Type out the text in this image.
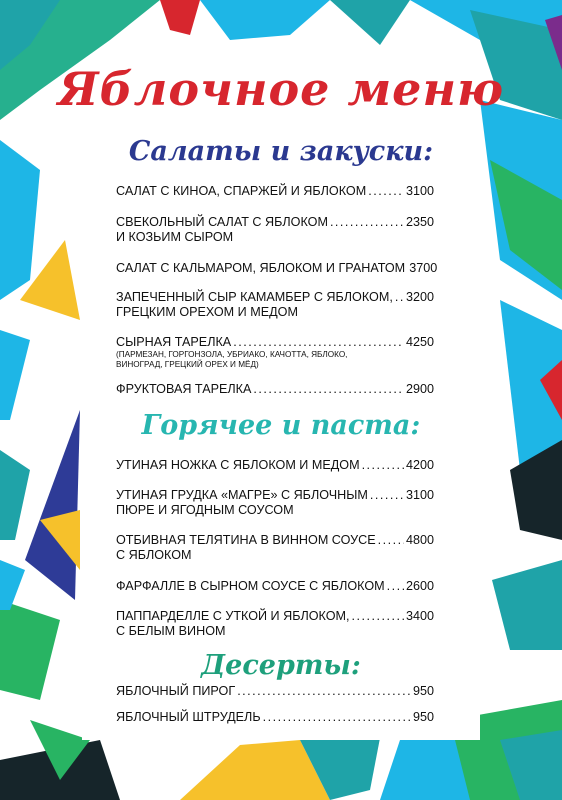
Яблочное меню
Салаты и закуски:
САЛАТ С КИНОА, СПАРЖЕЙ И ЯБЛОКОМ . . .	3100
СВЕКОЛЬНЫЙ САЛАТ С ЯБЛОКОМ . . .	2350
И КОЗЬИМ СЫРОМ
САЛАТ С КАЛЬМАРОМ, ЯБЛОКОМ И ГРАНАТОМ 3700
ЗАПЕЧЕННЫЙ СЫР КАМАМБЕР С ЯБЛОКОМ, . . . 3200
ГРЕЦКИМ ОРЕХОМ И МЕДОМ
СЫРНАЯ ТАРЕЛКА . . .	4250
(ПАРМЕЗАН, ГОРГОНЗОЛА, УБРИАКО, КАЧОТТА, ЯБЛОКО,
ВИНОГРАД, ГРЕЦКИЙ ОРЕХ И МЁД)
ФРУКТОВАЯ ТАРЕЛКА . . .	2900
Горячее и паста:
УТИНАЯ НОЖКА С ЯБЛОКОМ И МЕДОМ . . .	4200
УТИНАЯ ГРУДКА «МАГРЕ» С ЯБЛОЧНЫМ . . .	3100
ПЮРЕ И ЯГОДНЫМ СОУСОМ
ОТБИВНАЯ ТЕЛЯТИНА В ВИННОМ СОУСЕ . . . 4800
С ЯБЛОКОМ
ФАРФАЛЛЕ В СЫРНОМ СОУСЕ С ЯБЛОКОМ . . . 2600
ПАППАРДЕЛЛЕ С УТКОЙ И ЯБЛОКОМ, . . .	3400
С БЕЛЫМ ВИНОМ
Десерты:
ЯБЛОЧНЫЙ ПИРОГ . . .	950
ЯБЛОЧНЫЙ ШТРУДЕЛЬ . . .	950
